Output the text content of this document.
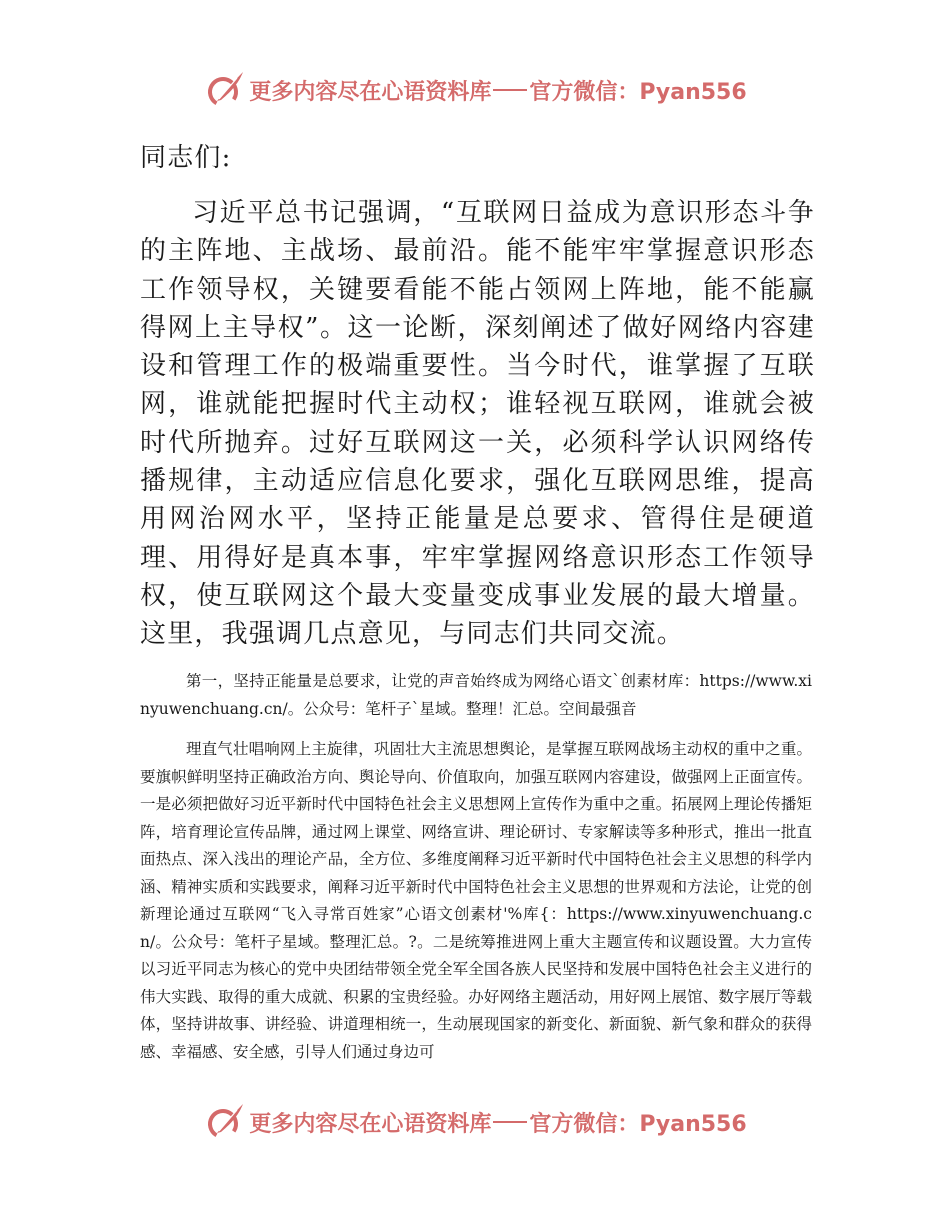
更多内容尽在心语资料库 官方微信：Pyan556
同志们:
习近平总书记强调，“互联网日益成为意识形态斗争的主阵地、主战场、最前沿。能不能牢牢掌握意识形态工作领导权，关键要看能不能占领网上阵地，能不能赢得网上主导权”。这一论断，深刻阐述了做好网络内容建设和管理工作的极端重要性。当今时代，谁掌握了互联网，谁就能把握时代主动权；谁轻视互联网，谁就会被时代所抛弃。过好互联网这一关，必须科学认识网络传播规律，主动适应信息化要求，强化互联网思维，提高用网治网水平，坚持正能量是总要求、管得住是硬道理、用得好是真本事，牢牢掌握网络意识形态工作领导权，使互联网这个最大变量变成事业发展的最大增量。这里，我强调几点意见，与同志们共同交流。
第一，坚持正能量是总要求，让党的声音始终成为网络心语文`创素材库：https://www.xinyuwenchuang.cn/。公众号：笔杆子`星域。整理！汇总。空间最强音
理直气壮唱响网上主旋律，巩固壮大主流思想舆论，是掌握互联网战场主动权的重中之重。要旗帜鲜明坚持正确政治方向、舆论导向、价值取向，加强互联网内容建设，做强网上正面宣传。一是必须把做好习近平新时代中国特色社会主义思想网上宣传作为重中之重。拓展网上理论传播矩阵，培育理论宣传品牌，通过网上课堂、网络宣讲、理论研讨、专家解读等多种形式，推出一批直面热点、深入浅出的理论产品，全方位、多维度阐释习近平新时代中国特色社会主义思想的科学内涵、精神实质和实践要求，阐释习近平新时代中国特色社会主义思想的世界观和方法论，让党的创新理论通过互联网“飞入寻常百姓家”心语文创素材'%库{：https://www.xinyuwenchuang.cn/。公众号：笔杆子星域。整理汇总。?。二是统筹推进网上重大主题宣传和议题设置。大力宣传以习近平同志为核心的党中央团结带领全党全军全国各族人民坚持和发展中国特色社会主义进行的伟大实践、取得的重大成就、积累的宝贵经验。办好网络主题活动，用好网上展馆、数字展厅等载体，坚持讲故事、讲经验、讲道理相统一，生动展现国家的新变化、新面貌、新气象和群众的获得感、幸福感、安全感，引导人们通过身边可
更多内容尽在心语资料库 官方微信：Pyan556
